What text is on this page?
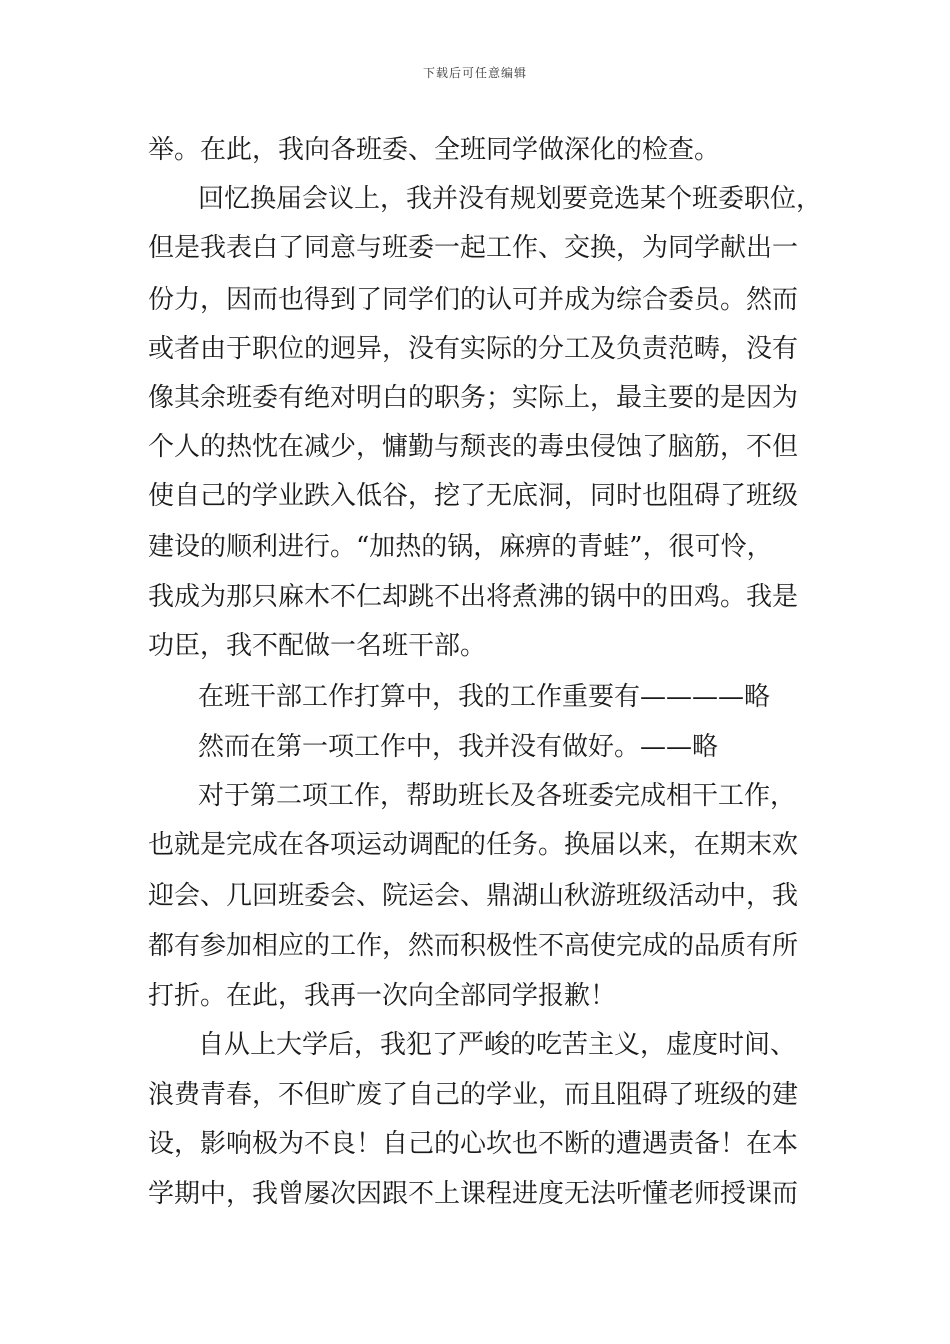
下载后可任意编辑
举。在此，我向各班委、全班同学做深化的检查。
回忆换届会议上，我并没有规划要竞选某个班委职位，
但是我表白了同意与班委一起工作、交换，为同学献出一
份力，因而也得到了同学们的认可并成为综合委员。然而
或者由于职位的迥异，没有实际的分工及负责范畴，没有
像其余班委有绝对明白的职务；实际上，最主要的是因为
个人的热忱在减少，慵勤与颓丧的毒虫侵蚀了脑筋，不但
使自己的学业跌入低谷，挖了无底洞，同时也阻碍了班级
建设的顺利进行。“加热的锅，麻痹的青蛙”，很可怜，
我成为那只麻木不仁却跳不出将煮沸的锅中的田鸡。我是
功臣，我不配做一名班干部。
在班干部工作打算中，我的工作重要有————略
然而在第一项工作中，我并没有做好。——略
对于第二项工作，帮助班长及各班委完成相干工作，
也就是完成在各项运动调配的任务。换届以来，在期末欢
迎会、几回班委会、院运会、鼎湖山秋游班级活动中，我
都有参加相应的工作，然而积极性不高使完成的品质有所
打折。在此，我再一次向全部同学报歉！
自从上大学后，我犯了严峻的吃苦主义，虚度时间、
浪费青春，不但旷废了自己的学业，而且阻碍了班级的建
设，影响极为不良！自己的心坎也不断的遭遇责备！在本
学期中，我曾屡次因跟不上课程进度无法听懂老师授课而
